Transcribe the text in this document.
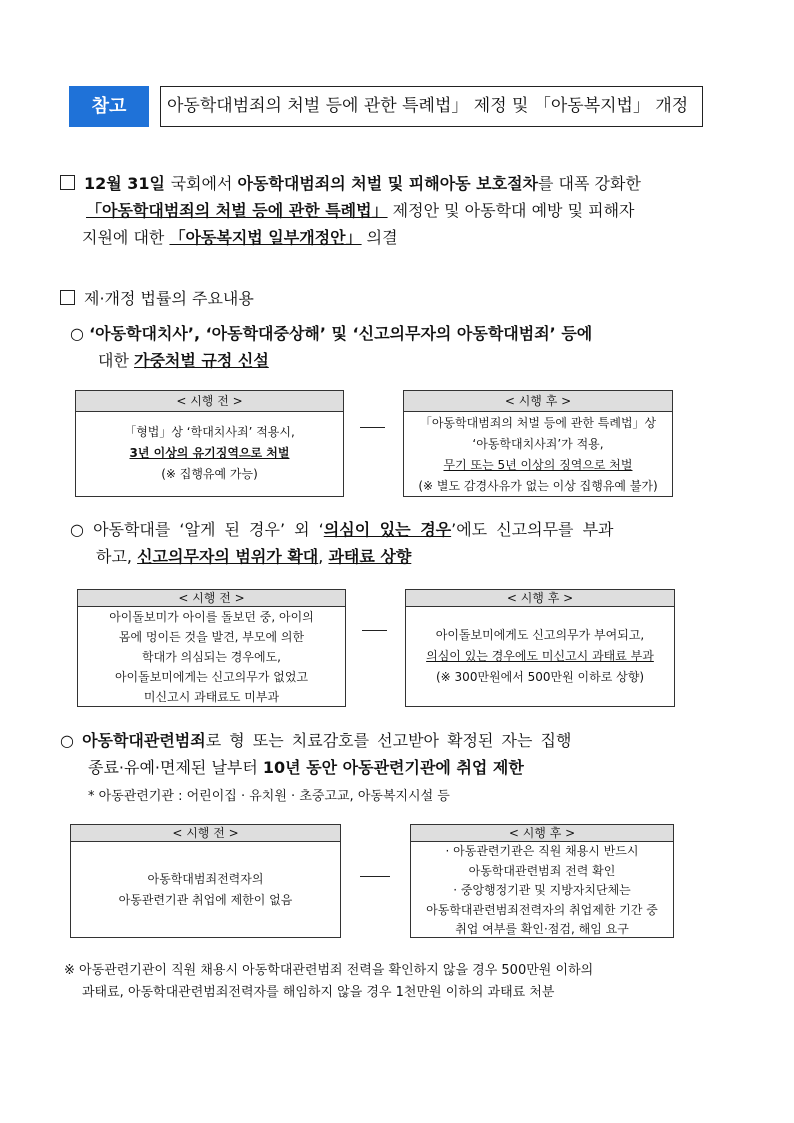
참고	아동학대범죄의 처벌 등에 관한 특례법」 제정 및 「아동복지법」 개정
12월 31일 국회에서 아동학대범죄의 처벌 및 피해아동 보호절차를 대폭 강화한
「아동학대범죄의 처벌 등에 관한 특례법」 제정안 및 아동학대 예방 및 피해자
지원에 대한 「아동복지법 일부개정안」 의결
제·개정 법률의 주요내용
○ ‘아동학대치사’, ‘아동학대중상해’ 및 ‘신고의무자의 아동학대범죄’ 등에
대한 가중처벌 규정 신설
< 시행 전 >
「형법」상 ‘학대치사죄’ 적용시,
3년 이상의 유기징역으로 처벌
(※ 집행유예 가능)
< 시행 후 >
「아동학대범죄의 처벌 등에 관한 특례법」상
‘아동학대치사죄’가 적용,
무기 또는 5년 이상의 징역으로 처벌
(※ 별도 감경사유가 없는 이상 집행유예 불가)
○ 아동학대를 ‘알게 된 경우’ 외 ‘의심이 있는 경우’에도 신고의무를 부과
하고, 신고의무자의 범위가 확대, 과태료 상향
< 시행 전 >
아이돌보미가 아이를 돌보던 중, 아이의
몸에 멍이든 것을 발견, 부모에 의한
학대가 의심되는 경우에도,
아이돌보미에게는 신고의무가 없었고
미신고시 과태료도 미부과
< 시행 후 >
아이돌보미에게도 신고의무가 부여되고,
의심이 있는 경우에도 미신고시 과태료 부과
(※ 300만원에서 500만원 이하로 상향)
○ 아동학대관련범죄로 형 또는 치료감호를 선고받아 확정된 자는 집행
종료·유예·면제된 날부터 10년 동안 아동관련기관에 취업 제한
* 아동관련기관 : 어린이집 · 유치원 · 초중고교, 아동복지시설 등
< 시행 전 >
아동학대범죄전력자의
아동관련기관 취업에 제한이 없음
< 시행 후 >
· 아동관련기관은 직원 채용시 반드시
아동학대관련범죄 전력 확인
· 중앙행정기관 및 지방자치단체는
아동학대관련범죄전력자의 취업제한 기간 중
취업 여부를 확인·점검, 해임 요구
※ 아동관련기관이 직원 채용시 아동학대관련범죄 전력을 확인하지 않을 경우 500만원 이하의
과태료, 아동학대관련범죄전력자를 해임하지 않을 경우 1천만원 이하의 과태료 처분
